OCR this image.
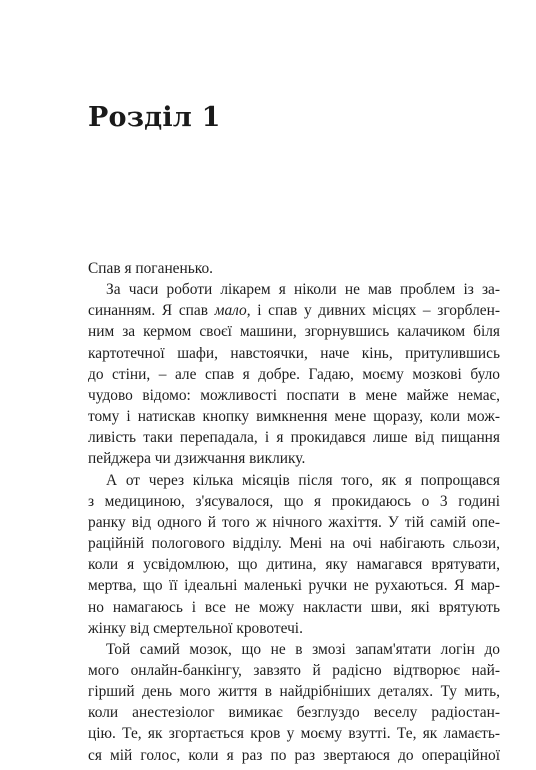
Розділ 1
Спав я поганенько.
За часи роботи лікарем я ніколи не мав проблем із за-
синанням. Я спав мало, і спав у дивних місцях – згорблен-
ним за кермом своєї машини, згорнувшись калачиком біля
картотечної шафи, навстоячки, наче кінь, притулившись
до стіни, – але спав я добре. Гадаю, моєму мозкові було
чудово відомо: можливості поспати в мене майже немає,
тому і натискав кнопку вимкнення мене щоразу, коли мож-
ливість таки перепадала, і я прокидався лише від пищання
пейджера чи дзижчання виклику.
А от через кілька місяців після того, як я попрощався
з медициною, з'ясувалося, що я прокидаюсь о 3 годині
ранку від одного й того ж нічного жахіття. У тій самій опе-
раційній пологового відділу. Мені на очі набігають сльози,
коли я усвідомлюю, що дитина, яку намагався врятувати,
мертва, що її ідеальні маленькі ручки не рухаються. Я мар-
но намагаюсь і все не можу накласти шви, які врятують
жінку від смертельної кровотечі.
Той самий мозок, що не в змозі запам'ятати логін до
мого онлайн-банкінгу, завзято й радісно відтворює най-
гірший день мого життя в найдрібніших деталях. Ту мить,
коли анестезіолог вимикає безглуздо веселу радіостан-
цію. Те, як згортається кров у моєму взутті. Те, як ламаєть-
ся мій голос, коли я раз по раз звертаюся до операційної
